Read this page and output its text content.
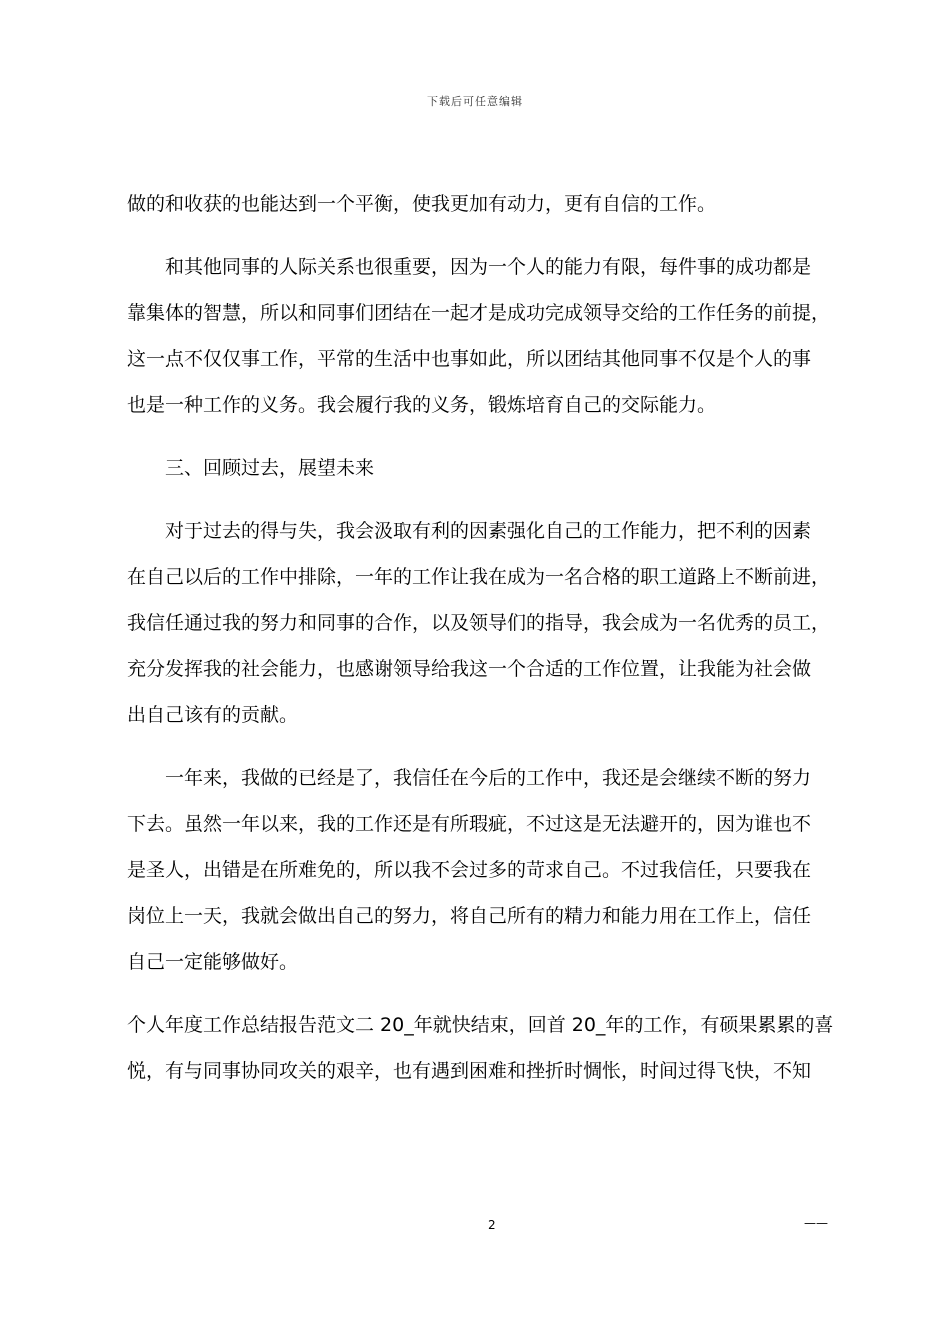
下载后可任意编辑
做的和收获的也能达到一个平衡，使我更加有动力，更有自信的工作。
和其他同事的人际关系也很重要，因为一个人的能力有限，每件事的成功都是
靠集体的智慧，所以和同事们团结在一起才是成功完成领导交给的工作任务的前提，
这一点不仅仅事工作，平常的生活中也事如此，所以团结其他同事不仅是个人的事
也是一种工作的义务。我会履行我的义务，锻炼培育自己的交际能力。
三、回顾过去，展望未来
对于过去的得与失，我会汲取有利的因素强化自己的工作能力，把不利的因素
在自己以后的工作中排除，一年的工作让我在成为一名合格的职工道路上不断前进，
我信任通过我的努力和同事的合作，以及领导们的指导，我会成为一名优秀的员工，
充分发挥我的社会能力，也感谢领导给我这一个合适的工作位置，让我能为社会做
出自己该有的贡献。
一年来，我做的已经是了，我信任在今后的工作中，我还是会继续不断的努力
下去。虽然一年以来，我的工作还是有所瑕疵，不过这是无法避开的，因为谁也不
是圣人，出错是在所难免的，所以我不会过多的苛求自己。不过我信任，只要我在
岗位上一天，我就会做出自己的努力，将自己所有的精力和能力用在工作上，信任
自己一定能够做好。
个人年度工作总结报告范文二 20_年就快结束，回首 20_年的工作，有硕果累累的喜
悦，有与同事协同攻关的艰辛，也有遇到困难和挫折时惆怅，时间过得飞快，不知
2	——
